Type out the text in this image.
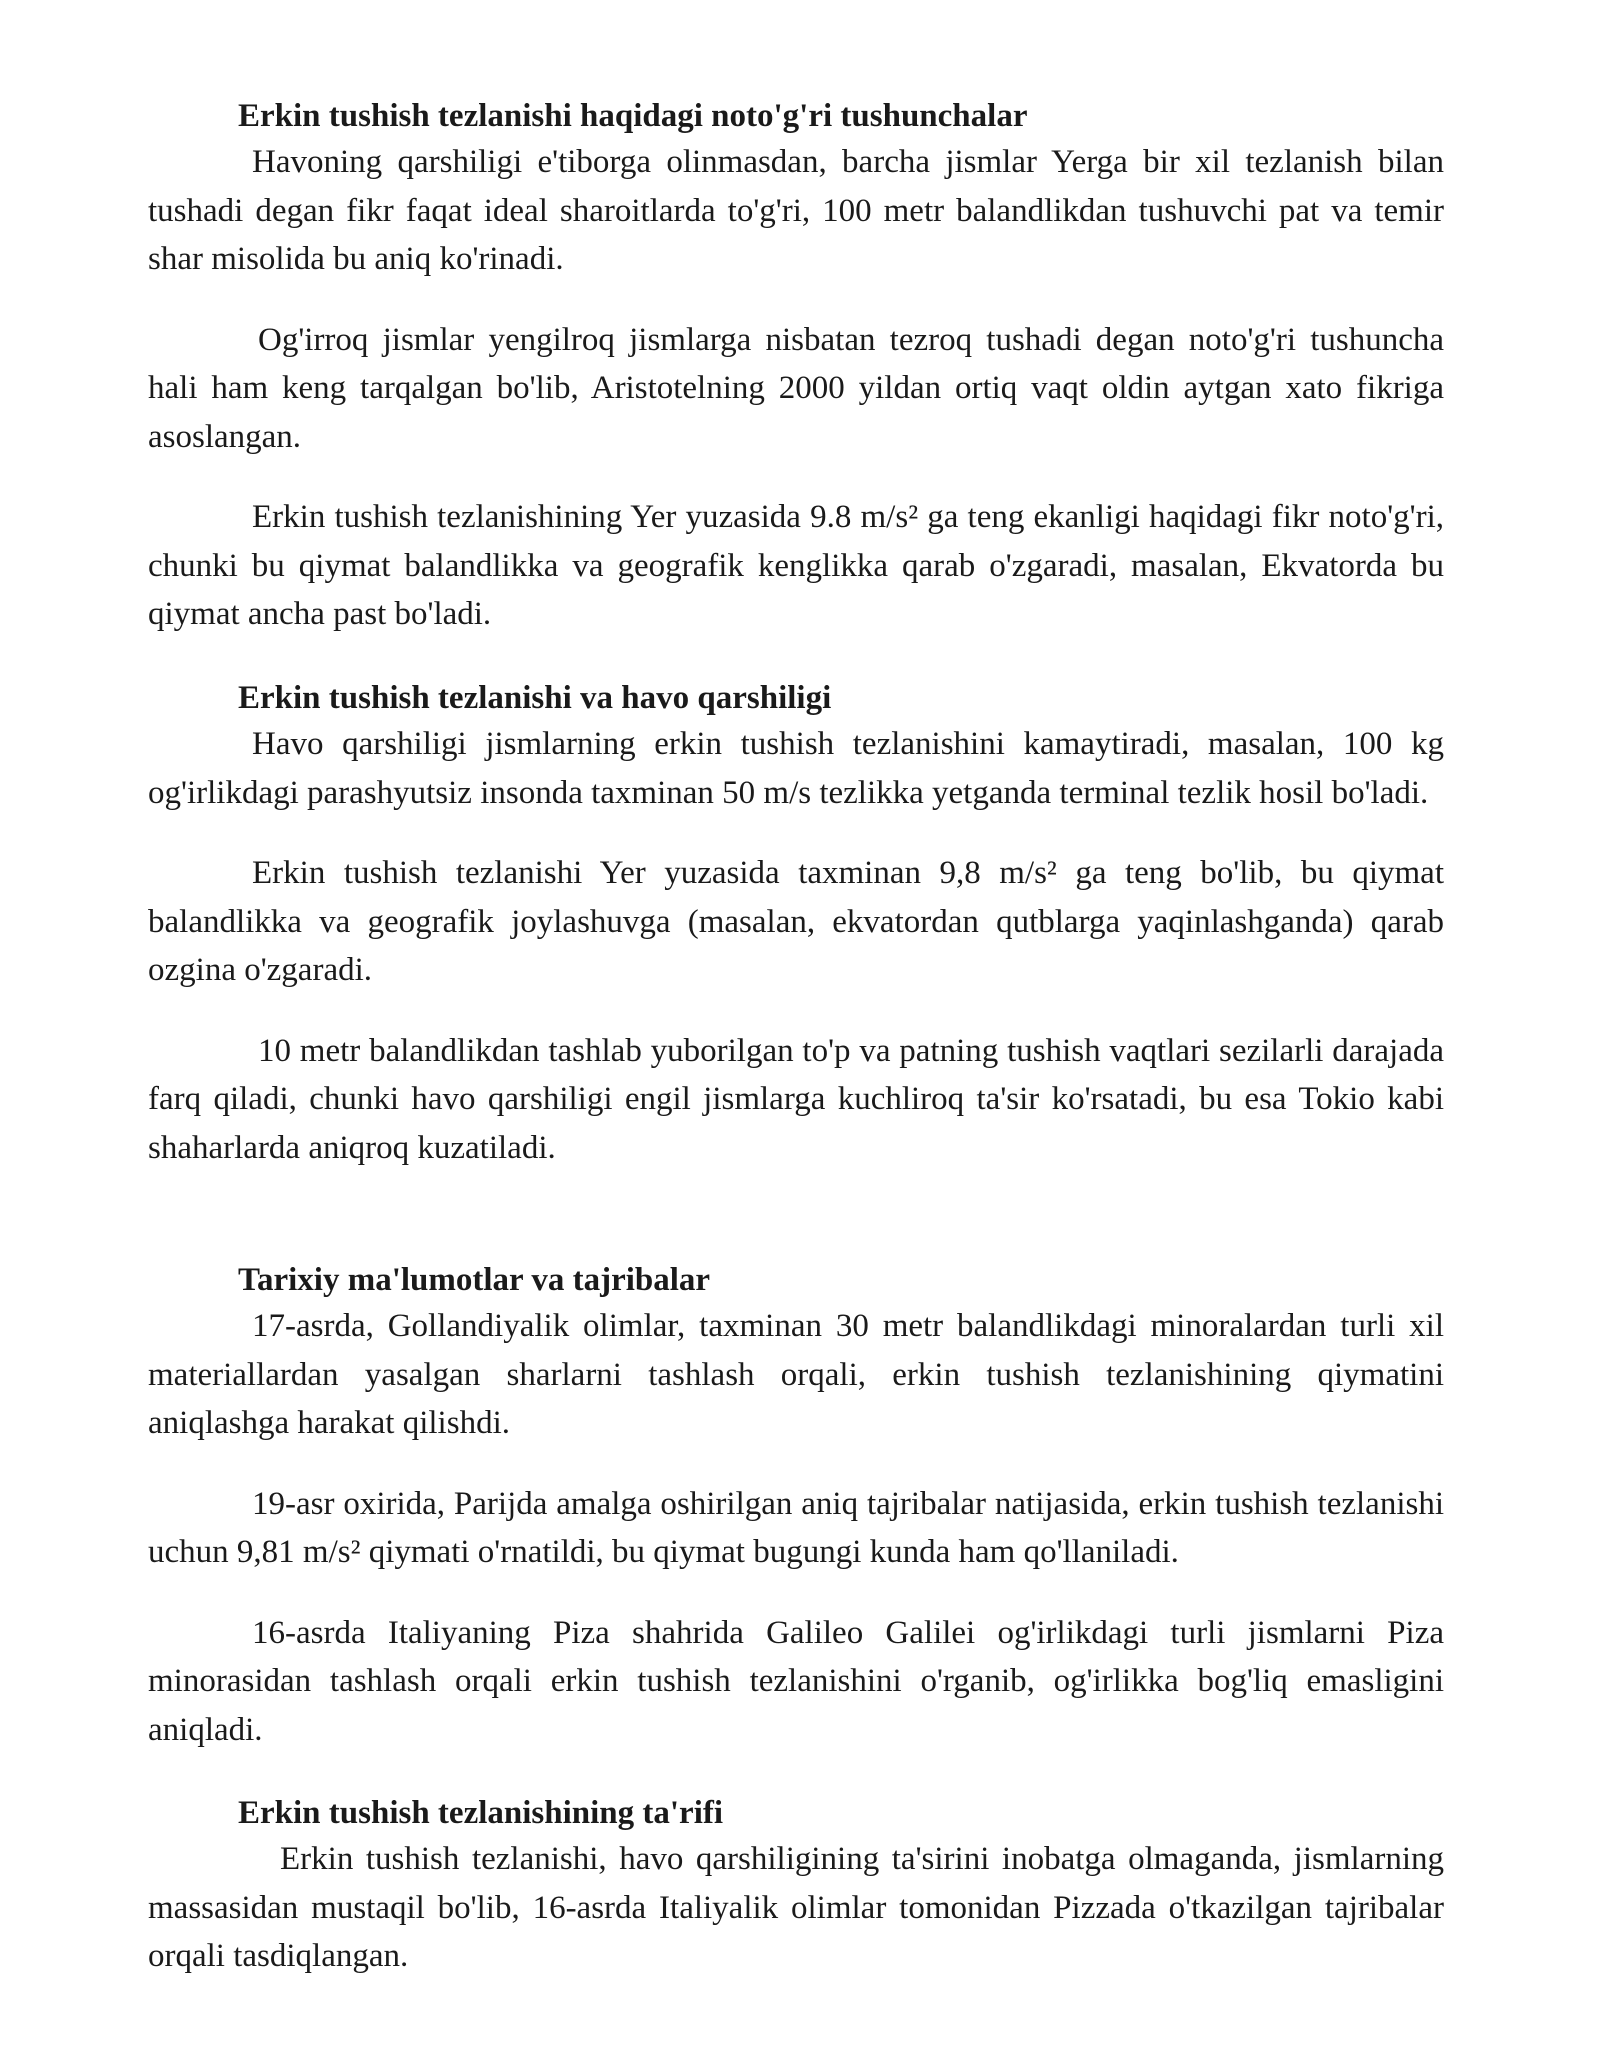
Erkin tushish tezlanishi haqidagi noto'g'ri tushunchalar

Havoning qarshiligi e'tiborga olinmasdan, barcha jismlar Yerga bir xil tezlanish bilan tushadi degan fikr faqat ideal sharoitlarda to'g'ri, 100 metr balandlikdan tushuvchi pat va temir shar misolida bu aniq ko'rinadi.

Og'irroq jismlar yengilroq jismlarga nisbatan tezroq tushadi degan noto'g'ri tushuncha hali ham keng tarqalgan bo'lib, Aristotelning 2000 yildan ortiq vaqt oldin aytgan xato fikriga asoslangan.

Erkin tushish tezlanishining Yer yuzasida 9.8 m/s² ga teng ekanligi haqidagi fikr noto'g'ri, chunki bu qiymat balandlikka va geografik kenglikka qarab o'zgaradi, masalan, Ekvatorda bu qiymat ancha past bo'ladi.

Erkin tushish tezlanishi va havo qarshiligi

Havo qarshiligi jismlarning erkin tushish tezlanishini kamaytiradi, masalan, 100 kg og'irlikdagi parashyutsiz insonda taxminan 50 m/s tezlikka yetganda terminal tezlik hosil bo'ladi.

Erkin tushish tezlanishi Yer yuzasida taxminan 9,8 m/s² ga teng bo'lib, bu qiymat balandlikka va geografik joylashuvga (masalan, ekvatordan qutblarga yaqinlashganda) qarab ozgina o'zgaradi.

10 metr balandlikdan tashlab yuborilgan to'p va patning tushish vaqtlari sezilarli darajada farq qiladi, chunki havo qarshiligi engil jismlarga kuchliroq ta'sir ko'rsatadi, bu esa Tokio kabi shaharlarda aniqroq kuzatiladi.

Tarixiy ma'lumotlar va tajribalar

17-asrda, Gollandiyalik olimlar, taxminan 30 metr balandlikdagi minoralardan turli xil materiallardan yasalgan sharlarni tashlash orqali, erkin tushish tezlanishining qiymatini aniqlashga harakat qilishdi.

19-asr oxirida, Parijda amalga oshirilgan aniq tajribalar natijasida, erkin tushish tezlanishi uchun 9,81 m/s² qiymati o'rnatildi, bu qiymat bugungi kunda ham qo'llaniladi.

16-asrda Italiyaning Piza shahrida Galileo Galilei og'irlikdagi turli jismlarni Piza minorasidan tashlash orqali erkin tushish tezlanishini o'rganib, og'irlikka bog'liq emasligini aniqladi.

Erkin tushish tezlanishining ta'rifi

Erkin tushish tezlanishi, havo qarshiligining ta'sirini inobatga olmaganda, jismlarning massasidan mustaqil bo'lib, 16-asrda Italiyalik olimlar tomonidan Pizzada o'tkazilgan tajribalar orqali tasdiqlangan.
